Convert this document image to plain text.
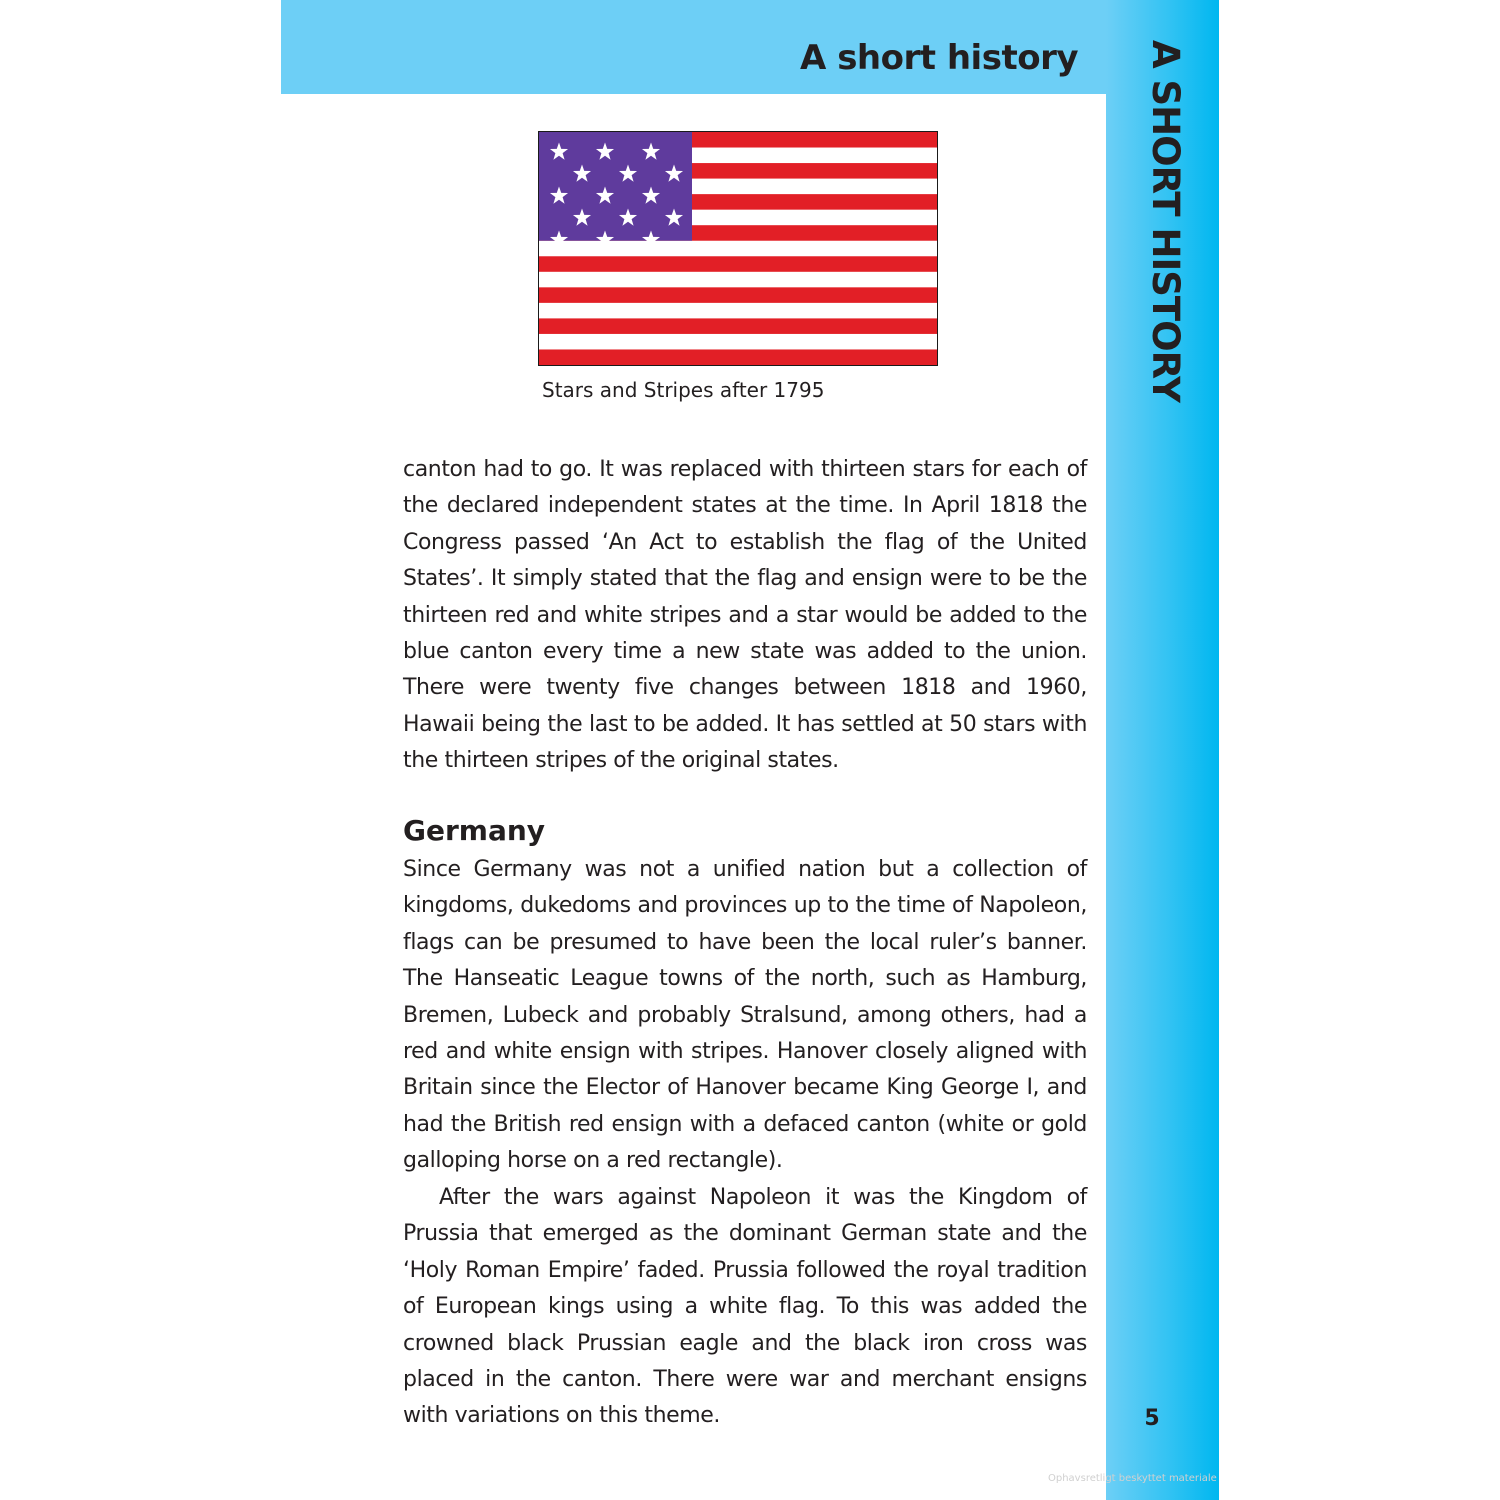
A short history A SHORT HISTORY

Stars and Stripes after 1795

canton had to go. It was replaced with thirteen stars for each of the declared independent states at the time. In April 1818 the Congress passed ‘An Act to establish the flag of the United States’. It simply stated that the flag and ensign were to be the thirteen red and white stripes and a star would be added to the blue canton every time a new state was added to the union. There were twenty five changes between 1818 and 1960, Hawaii being the last to be added. It has settled at 50 stars with the thirteen stripes of the original states.

Germany

Since Germany was not a unified nation but a collection of kingdoms, dukedoms and provinces up to the time of Napoleon, flags can be presumed to have been the local ruler’s banner. The Hanseatic League towns of the north, such as Hamburg, Bremen, Lubeck and probably Stralsund, among others, had a red and white ensign with stripes. Hanover closely aligned with Britain since the Elector of Hanover became King George I, and had the British red ensign with a defaced canton (white or gold galloping horse on a red rectangle).

After the wars against Napoleon it was the Kingdom of Prussia that emerged as the dominant German state and the ‘Holy Roman Empire’ faded. Prussia followed the royal tradition of European kings using a white flag. To this was added the crowned black Prussian eagle and the black iron cross was placed in the canton. There were war and merchant ensigns with variations on this theme.	5
Ophavsretligt beskyttet materiale
